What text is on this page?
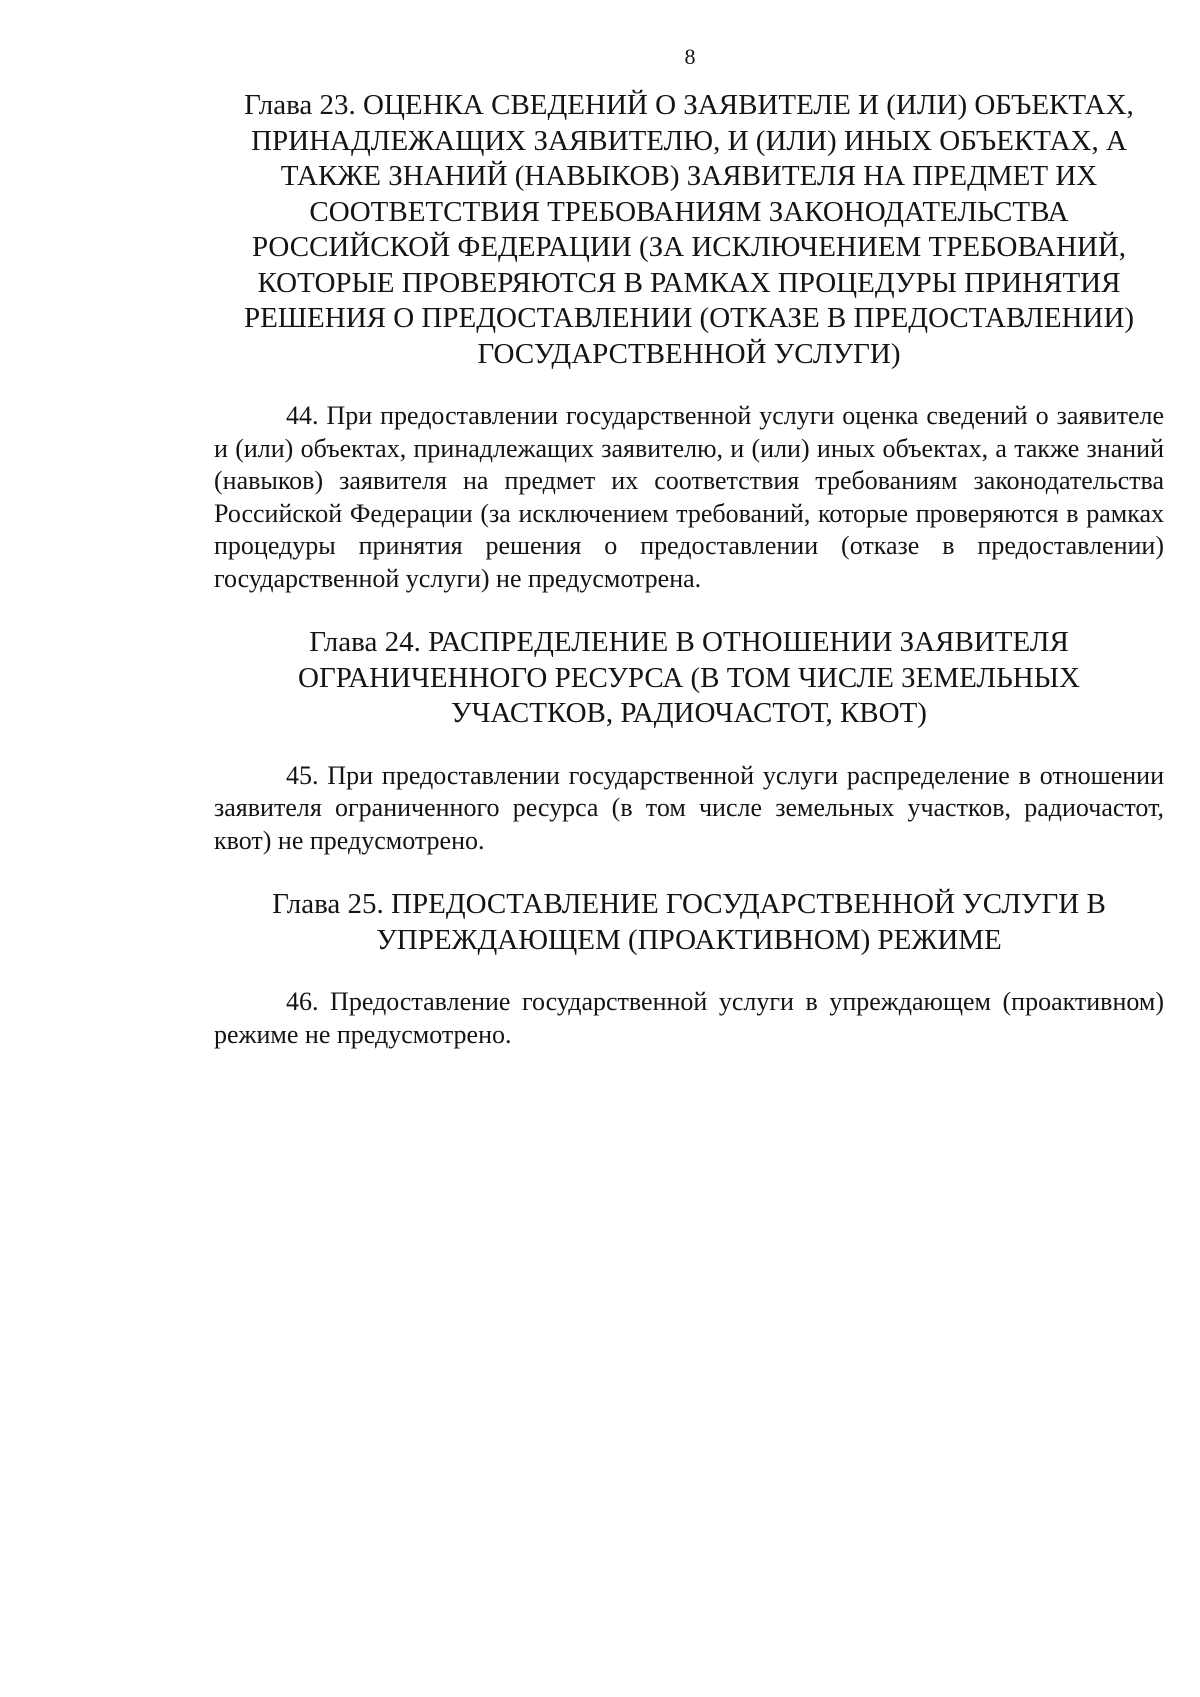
8
Глава 23. ОЦЕНКА СВЕДЕНИЙ О ЗАЯВИТЕЛЕ И (ИЛИ) ОБЪЕКТАХ, ПРИНАДЛЕЖАЩИХ ЗАЯВИТЕЛЮ, И (ИЛИ) ИНЫХ ОБЪЕКТАХ, А ТАКЖЕ ЗНАНИЙ (НАВЫКОВ) ЗАЯВИТЕЛЯ НА ПРЕДМЕТ ИХ СООТВЕТСТВИЯ ТРЕБОВАНИЯМ ЗАКОНОДАТЕЛЬСТВА РОССИЙСКОЙ ФЕДЕРАЦИИ (ЗА ИСКЛЮЧЕНИЕМ ТРЕБОВАНИЙ, КОТОРЫЕ ПРОВЕРЯЮТСЯ В РАМКАХ ПРОЦЕДУРЫ ПРИНЯТИЯ РЕШЕНИЯ О ПРЕДОСТАВЛЕНИИ (ОТКАЗЕ В ПРЕДОСТАВЛЕНИИ) ГОСУДАРСТВЕННОЙ УСЛУГИ)

44. При предоставлении государственной услуги оценка сведений о заявителе и (или) объектах, принадлежащих заявителю, и (или) иных объектах, а также знаний (навыков) заявителя на предмет их соответствия требованиям законодательства Российской Федерации (за исключением требований, которые проверяются в рамках процедуры принятия решения о предоставлении (отказе в предоставлении) государственной услуги) не предусмотрена.

Глава 24. РАСПРЕДЕЛЕНИЕ В ОТНОШЕНИИ ЗАЯВИТЕЛЯ ОГРАНИЧЕННОГО РЕСУРСА (В ТОМ ЧИСЛЕ ЗЕМЕЛЬНЫХ УЧАСТКОВ, РАДИОЧАСТОТ, КВОТ)

45. При предоставлении государственной услуги распределение в отношении заявителя ограниченного ресурса (в том числе земельных участков, радиочастот, квот) не предусмотрено.

Глава 25. ПРЕДОСТАВЛЕНИЕ ГОСУДАРСТВЕННОЙ УСЛУГИ В УПРЕЖДАЮЩЕМ (ПРОАКТИВНОМ) РЕЖИМЕ

46. Предоставление государственной услуги в упреждающем (проактивном) режиме не предусмотрено.
